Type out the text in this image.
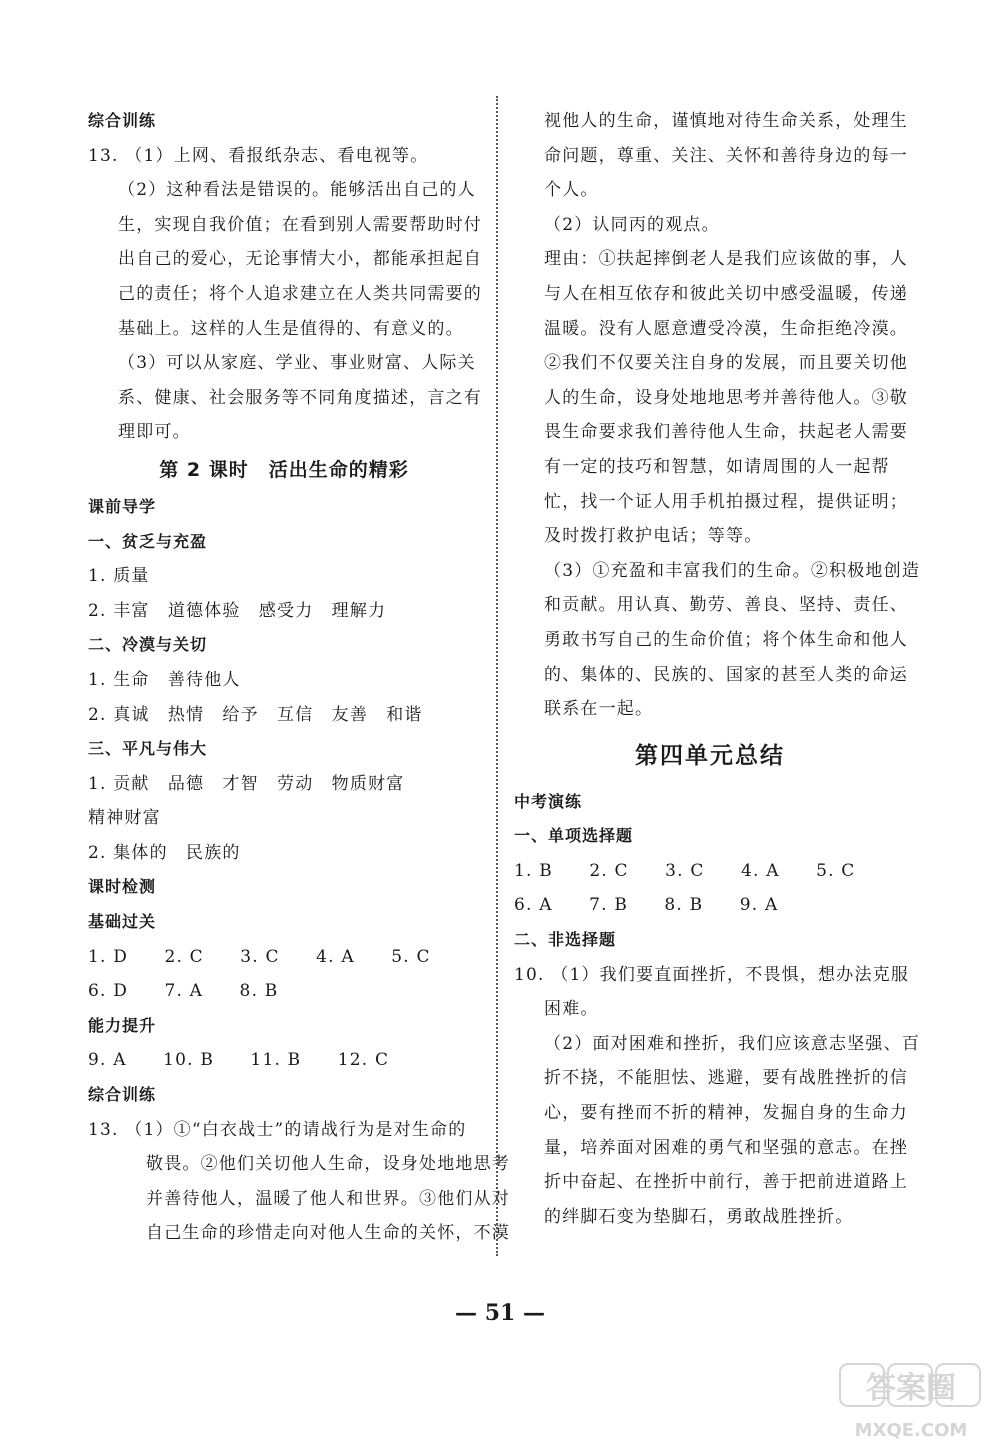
综合训练
13. （1）上网、看报纸杂志、看电视等。
（2）这种看法是错误的。能够活出自己的人
生，实现自我价值；在看到别人需要帮助时付
出自己的爱心，无论事情大小，都能承担起自
己的责任；将个人追求建立在人类共同需要的
基础上。这样的人生是值得的、有意义的。
（3）可以从家庭、学业、事业财富、人际关
系、健康、社会服务等不同角度描述，言之有
理即可。
第 2 课时　活出生命的精彩
课前导学
一、贫乏与充盈
1. 质量
2. 丰富　道德体验　感受力　理解力
二、冷漠与关切
1. 生命　善待他人
2. 真诚　热情　给予　互信　友善　和谐
三、平凡与伟大
1. 贡献　品德　才智　劳动　物质财富
精神财富
2. 集体的　民族的
课时检测
基础过关
1. D　　2. C　　3. C　　4. A　　5. C
6. D　　7. A　　8. B
能力提升
9. A　　10. B　　11. B　　12. C
综合训练
13. （1）①“白衣战士”的请战行为是对生命的
敬畏。②他们关切他人生命，设身处地地思考
并善待他人，温暖了他人和世界。③他们从对
自己生命的珍惜走向对他人生命的关怀，不漠
视他人的生命，谨慎地对待生命关系，处理生
命问题，尊重、关注、关怀和善待身边的每一
个人。
（2）认同丙的观点。
理由：①扶起摔倒老人是我们应该做的事，人
与人在相互依存和彼此关切中感受温暖，传递
温暖。没有人愿意遭受冷漠，生命拒绝冷漠。
②我们不仅要关注自身的发展，而且要关切他
人的生命，设身处地地思考并善待他人。③敬
畏生命要求我们善待他人生命，扶起老人需要
有一定的技巧和智慧，如请周围的人一起帮
忙，找一个证人用手机拍摄过程，提供证明；
及时拨打救护电话；等等。
（3）①充盈和丰富我们的生命。②积极地创造
和贡献。用认真、勤劳、善良、坚持、责任、
勇敢书写自己的生命价值；将个体生命和他人
的、集体的、民族的、国家的甚至人类的命运
联系在一起。
第四单元总结
中考演练
一、单项选择题
1. B　　2. C　　3. C　　4. A　　5. C
6. A　　7. B　　8. B　　9. A
二、非选择题
10. （1）我们要直面挫折，不畏惧，想办法克服
困难。
（2）面对困难和挫折，我们应该意志坚强、百
折不挠，不能胆怯、逃避，要有战胜挫折的信
心，要有挫而不折的精神，发掘自身的生命力
量，培养面对困难的勇气和坚强的意志。在挫
折中奋起、在挫折中前行，善于把前进道路上
的绊脚石变为垫脚石，勇敢战胜挫折。
— 51 —
答案圈
MXQE.COM
